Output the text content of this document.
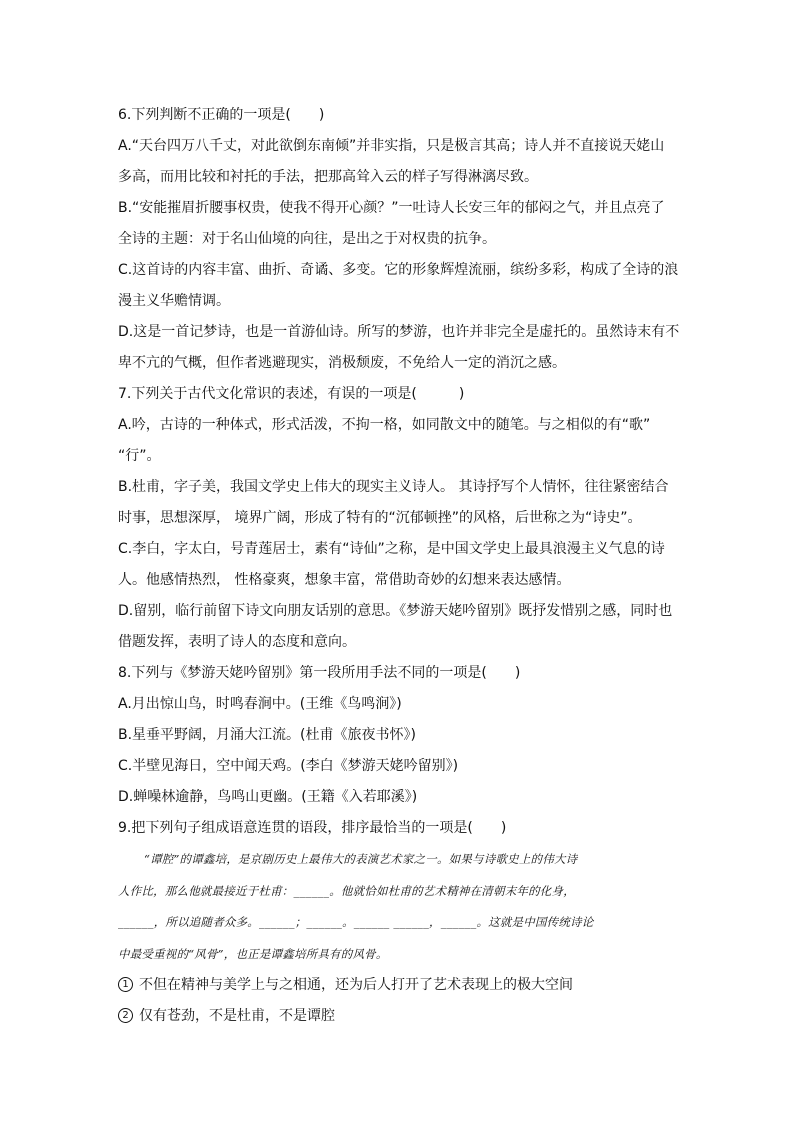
6.下列判断不正确的一项是(　　)
A.“天台四万八千丈，对此欲倒东南倾”并非实指，只是极言其高；诗人并不直接说天姥山
多高，而用比较和衬托的手法，把那高耸入云的样子写得淋漓尽致。
B.“安能摧眉折腰事权贵，使我不得开心颜？”一吐诗人长安三年的郁闷之气，并且点亮了
全诗的主题：对于名山仙境的向往，是出之于对权贵的抗争。
C.这首诗的内容丰富、曲折、奇谲、多变。它的形象辉煌流丽，缤纷多彩，构成了全诗的浪
漫主义华赡情调。
D.这是一首记梦诗，也是一首游仙诗。所写的梦游，也许并非完全是虚托的。虽然诗末有不
卑不亢的气概，但作者逃避现实，消极颓废，不免给人一定的消沉之感。
7.下列关于古代文化常识的表述，有误的一项是(　　　)
A.吟，古诗的一种体式，形式活泼，不拘一格，如同散文中的随笔。与之相似的有“歌”
“行”。
B.杜甫，字子美，我国文学史上伟大的现实主义诗人。 其诗抒写个人情怀，往往紧密结合
时事，思想深厚， 境界广阔，形成了特有的“沉郁顿挫”的风格，后世称之为“诗史”。
C.李白，字太白，号青莲居士，素有“诗仙”之称，是中国文学史上最具浪漫主义气息的诗
人。他感情热烈， 性格豪爽，想象丰富，常借助奇妙的幻想来表达感情。
D.留别，临行前留下诗文向朋友话别的意思。《梦游天姥吟留别》既抒发惜别之感，同时也
借题发挥，表明了诗人的态度和意向。
8.下列与《梦游天姥吟留别》第一段所用手法不同的一项是(　　)
A.月出惊山鸟，时鸣春涧中。(王维《鸟鸣涧》)
B.星垂平野阔，月涌大江流。(杜甫《旅夜书怀》)
C.半壁见海日，空中闻天鸡。(李白《梦游天姥吟留别》)
D.蝉噪林逾静，鸟鸣山更幽。(王籍《入若耶溪》)
9.把下列句子组成语意连贯的语段，排序最恰当的一项是(　　)
“谭腔”的谭鑫培，是京剧历史上最伟大的表演艺术家之一。如果与诗歌史上的伟大诗
人作比，那么他就最接近于杜甫：______。他就恰如杜甫的艺术精神在清朝末年的化身，
______，所以追随者众多。______；______。______ ______，______。这就是中国传统诗论
中最受重视的“风骨”，也正是谭鑫培所具有的风骨。
1 不但在精神与美学上与之相通，还为后人打开了艺术表现上的极大空间
2 仅有苍劲，不是杜甫，不是谭腔
